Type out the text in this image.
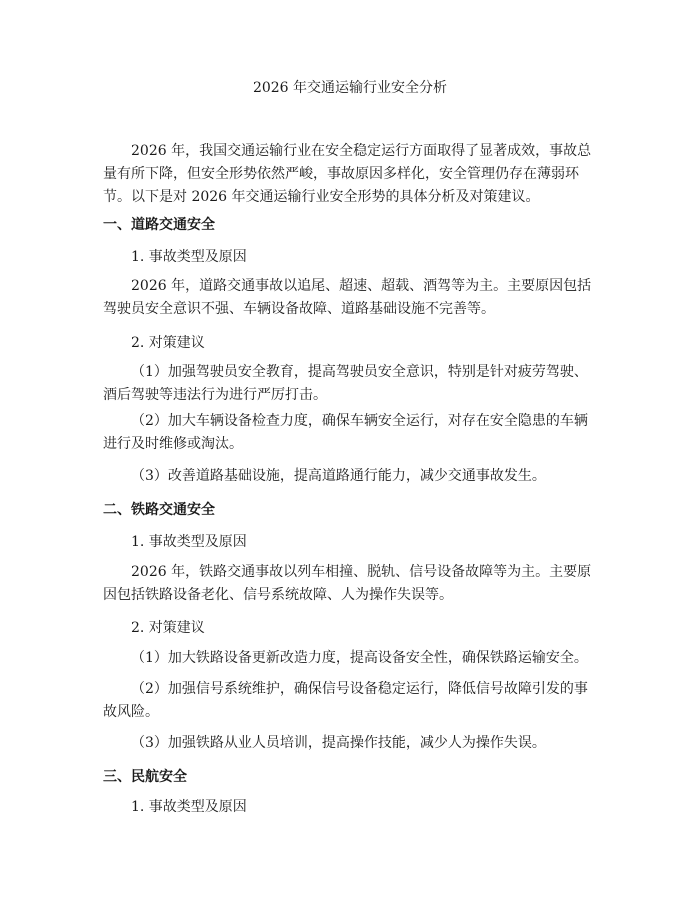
2026 年交通运输行业安全分析

2026 年，我国交通运输行业在安全稳定运行方面取得了显著成效，事故总量有所下降，但安全形势依然严峻，事故原因多样化，安全管理仍存在薄弱环节。以下是对 2026 年交通运输行业安全形势的具体分析及对策建议。

一、道路交通安全

1. 事故类型及原因

2026 年，道路交通事故以追尾、超速、超载、酒驾等为主。主要原因包括驾驶员安全意识不强、车辆设备故障、道路基础设施不完善等。

2. 对策建议

（1）加强驾驶员安全教育，提高驾驶员安全意识，特别是针对疲劳驾驶、酒后驾驶等违法行为进行严厉打击。

（2）加大车辆设备检查力度，确保车辆安全运行，对存在安全隐患的车辆进行及时维修或淘汰。

（3）改善道路基础设施，提高道路通行能力，减少交通事故发生。

二、铁路交通安全

1. 事故类型及原因

2026 年，铁路交通事故以列车相撞、脱轨、信号设备故障等为主。主要原因包括铁路设备老化、信号系统故障、人为操作失误等。

2. 对策建议

（1）加大铁路设备更新改造力度，提高设备安全性，确保铁路运输安全。

（2）加强信号系统维护，确保信号设备稳定运行，降低信号故障引发的事故风险。

（3）加强铁路从业人员培训，提高操作技能，减少人为操作失误。

三、民航安全

1. 事故类型及原因
